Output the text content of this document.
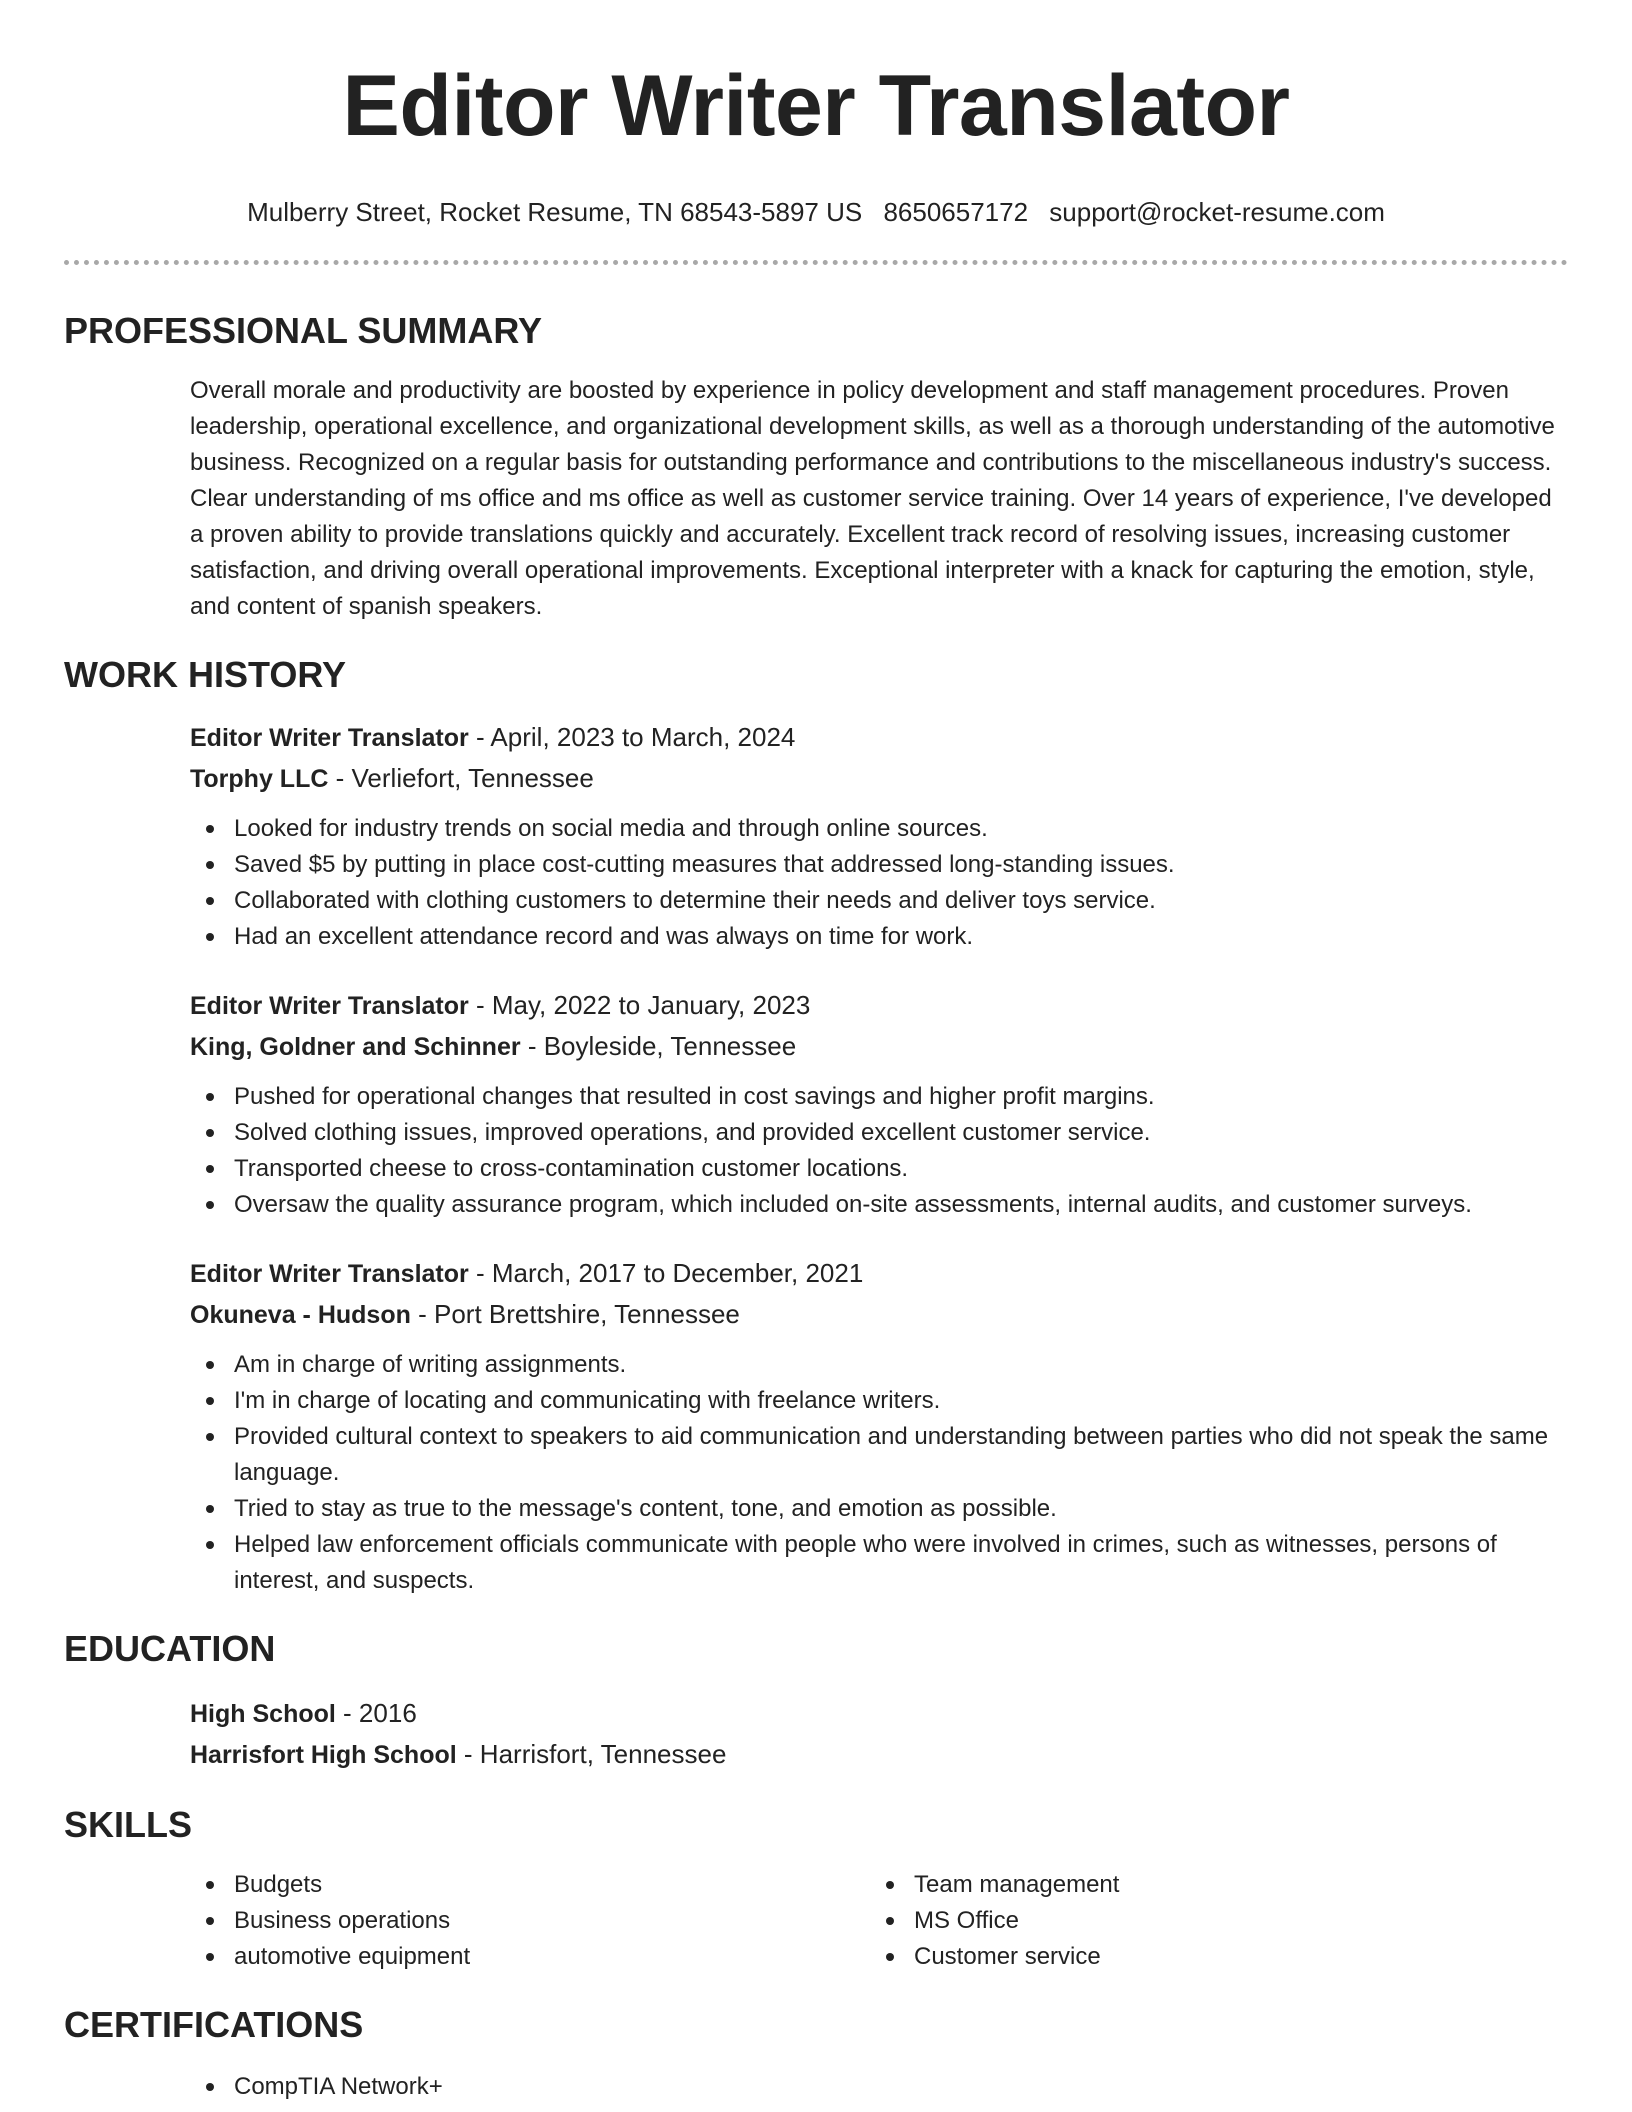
Editor Writer Translator
Mulberry Street, Rocket Resume, TN 68543-5897 US 8650657172 support@rocket-resume.com
PROFESSIONAL SUMMARY
Overall morale and productivity are boosted by experience in policy development and staff management procedures. Proven leadership, operational excellence, and organizational development skills, as well as a thorough understanding of the automotive business. Recognized on a regular basis for outstanding performance and contributions to the miscellaneous industry's success. Clear understanding of ms office and ms office as well as customer service training. Over 14 years of experience, I've developed a proven ability to provide translations quickly and accurately. Excellent track record of resolving issues, increasing customer satisfaction, and driving overall operational improvements. Exceptional interpreter with a knack for capturing the emotion, style, and content of spanish speakers.
WORK HISTORY
Editor Writer Translator - April, 2023 to March, 2024
Torphy LLC - Verliefort, Tennessee
Looked for industry trends on social media and through online sources.
Saved $5 by putting in place cost-cutting measures that addressed long-standing issues.
Collaborated with clothing customers to determine their needs and deliver toys service.
Had an excellent attendance record and was always on time for work.
Editor Writer Translator - May, 2022 to January, 2023
King, Goldner and Schinner - Boyleside, Tennessee
Pushed for operational changes that resulted in cost savings and higher profit margins.
Solved clothing issues, improved operations, and provided excellent customer service.
Transported cheese to cross-contamination customer locations.
Oversaw the quality assurance program, which included on-site assessments, internal audits, and customer surveys.
Editor Writer Translator - March, 2017 to December, 2021
Okuneva - Hudson - Port Brettshire, Tennessee
Am in charge of writing assignments.
I'm in charge of locating and communicating with freelance writers.
Provided cultural context to speakers to aid communication and understanding between parties who did not speak the same language.
Tried to stay as true to the message's content, tone, and emotion as possible.
Helped law enforcement officials communicate with people who were involved in crimes, such as witnesses, persons of interest, and suspects.
EDUCATION
High School - 2016
Harrisfort High School - Harrisfort, Tennessee
SKILLS
Budgets
Business operations
automotive equipment
Team management
MS Office
Customer service
CERTIFICATIONS
CompTIA Network+
